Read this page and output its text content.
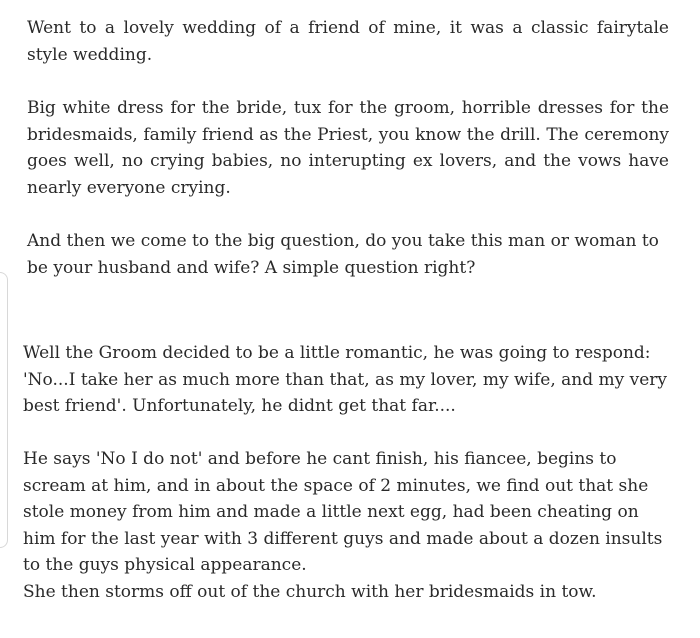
Went to a lovely wedding of a friend of mine, it was a classic fairytale style wedding.

Big white dress for the bride, tux for the groom, horrible dresses for the bridesmaids, family friend as the Priest, you know the drill. The ceremony goes well, no crying babies, no interupting ex lovers, and the vows have nearly everyone crying.

And then we come to the big question, do you take this man or woman to be your husband and wife? A simple question right?

Well the Groom decided to be a little romantic, he was going to respond: 'No...I take her as much more than that, as my lover, my wife, and my very best friend'. Unfortunately, he didnt get that far....

He says 'No I do not' and before he cant finish, his fiancee, begins to scream at him, and in about the space of 2 minutes, we find out that she stole money from him and made a little next egg, had been cheating on him for the last year with 3 different guys and made about a dozen insults to the guys physical appearance.

She then storms off out of the church with her bridesmaids in tow.
